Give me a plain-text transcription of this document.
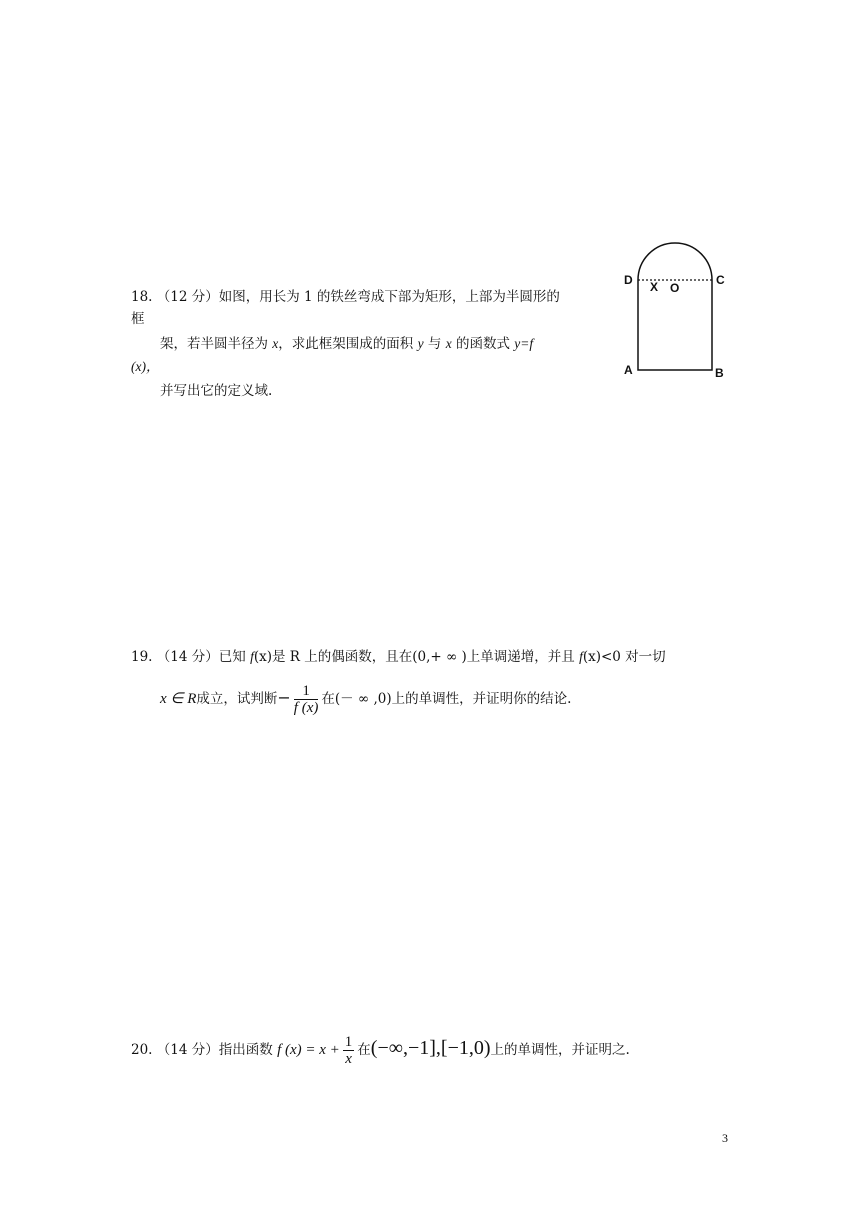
18. （12 分）如图，用长为 1 的铁丝弯成下部为矩形，上部为半圆形的
框
架，若半圆半径为 x，求此框架围成的面积 y 与 x 的函数式 y=f
(x)，
并写出它的定义域.
D	C
X O
A	B
19. （14 分）已知 f(x)是 R 上的偶函数，且在(0,+ ∞ )上单调递增，并且 f(x)<0 对一切
x ∈ R成立，试判断− $\frac{1}{f (x)}$ 在(－ ∞ ,0)上的单调性，并证明你的结论.
20. （14 分）指出函数 f $(x) = x + \frac{1}{x}$ 在(−∞,−1],[−1,0)上的单调性，并证明之.
3
